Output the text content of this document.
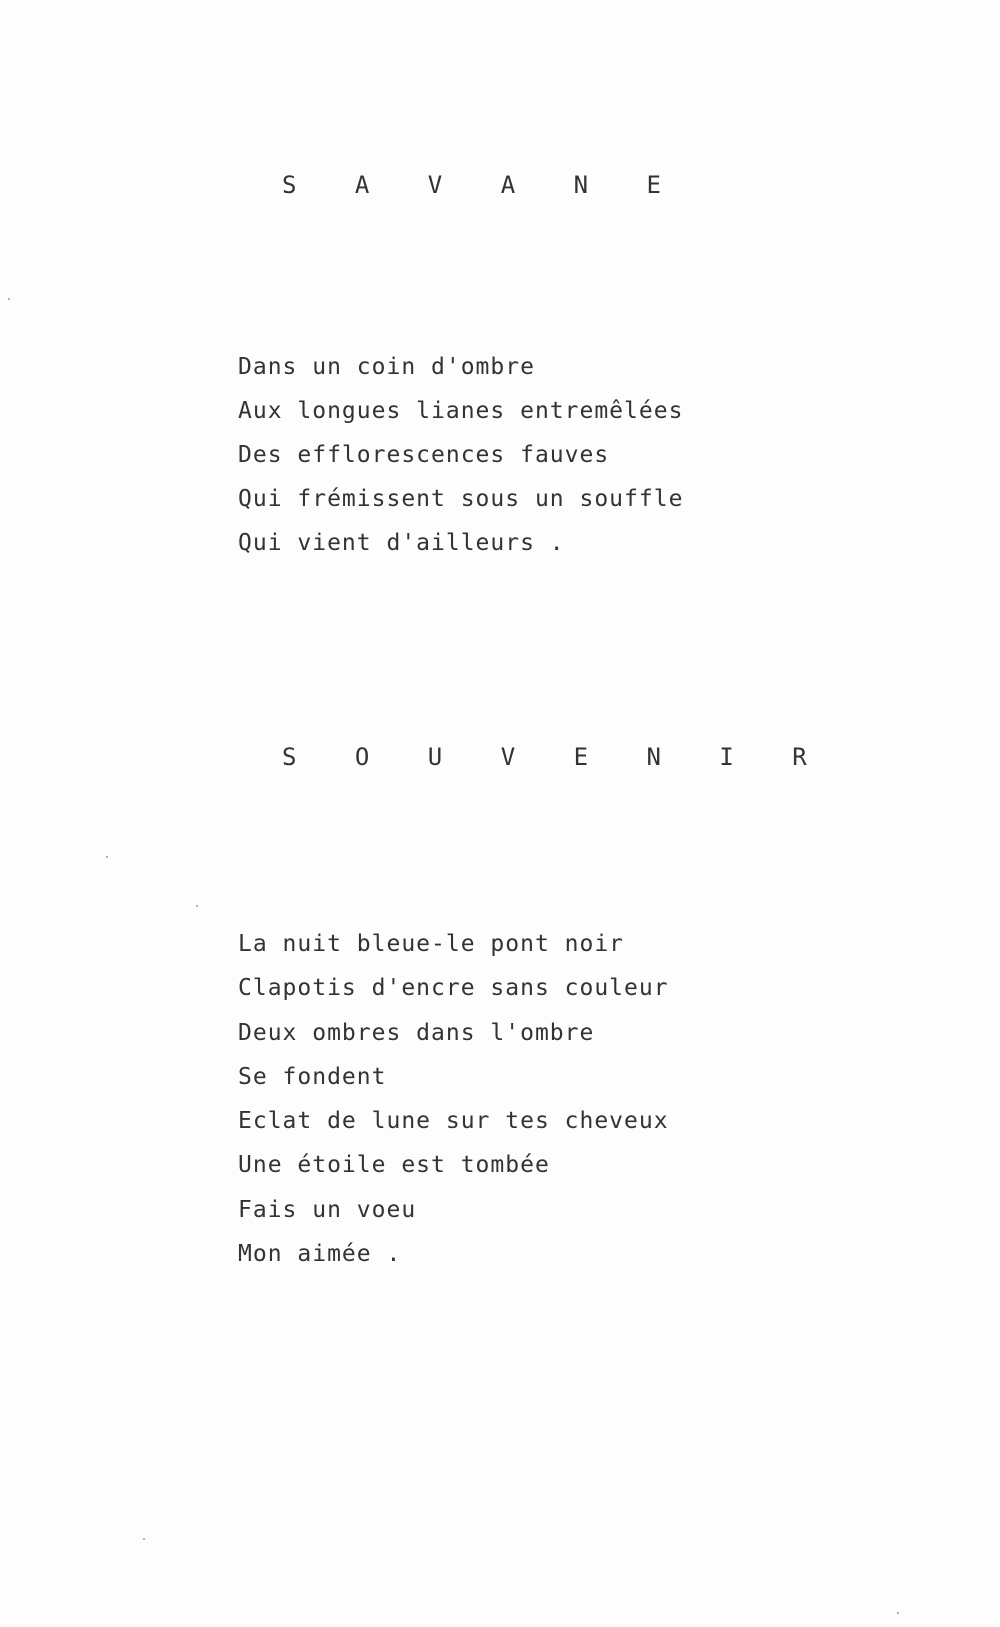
S A V A N E
Dans un coin d'ombre
Aux longues lianes entremêlées
Des efflorescences fauves
Qui frémissent sous un souffle
Qui vient d'ailleurs .
S O U V E N I R
La nuit bleue-le pont noir
Clapotis d'encre sans couleur
Deux ombres dans l'ombre
Se fondent
Eclat de lune sur tes cheveux
Une étoile est tombée
Fais un voeu
Mon aimée .
